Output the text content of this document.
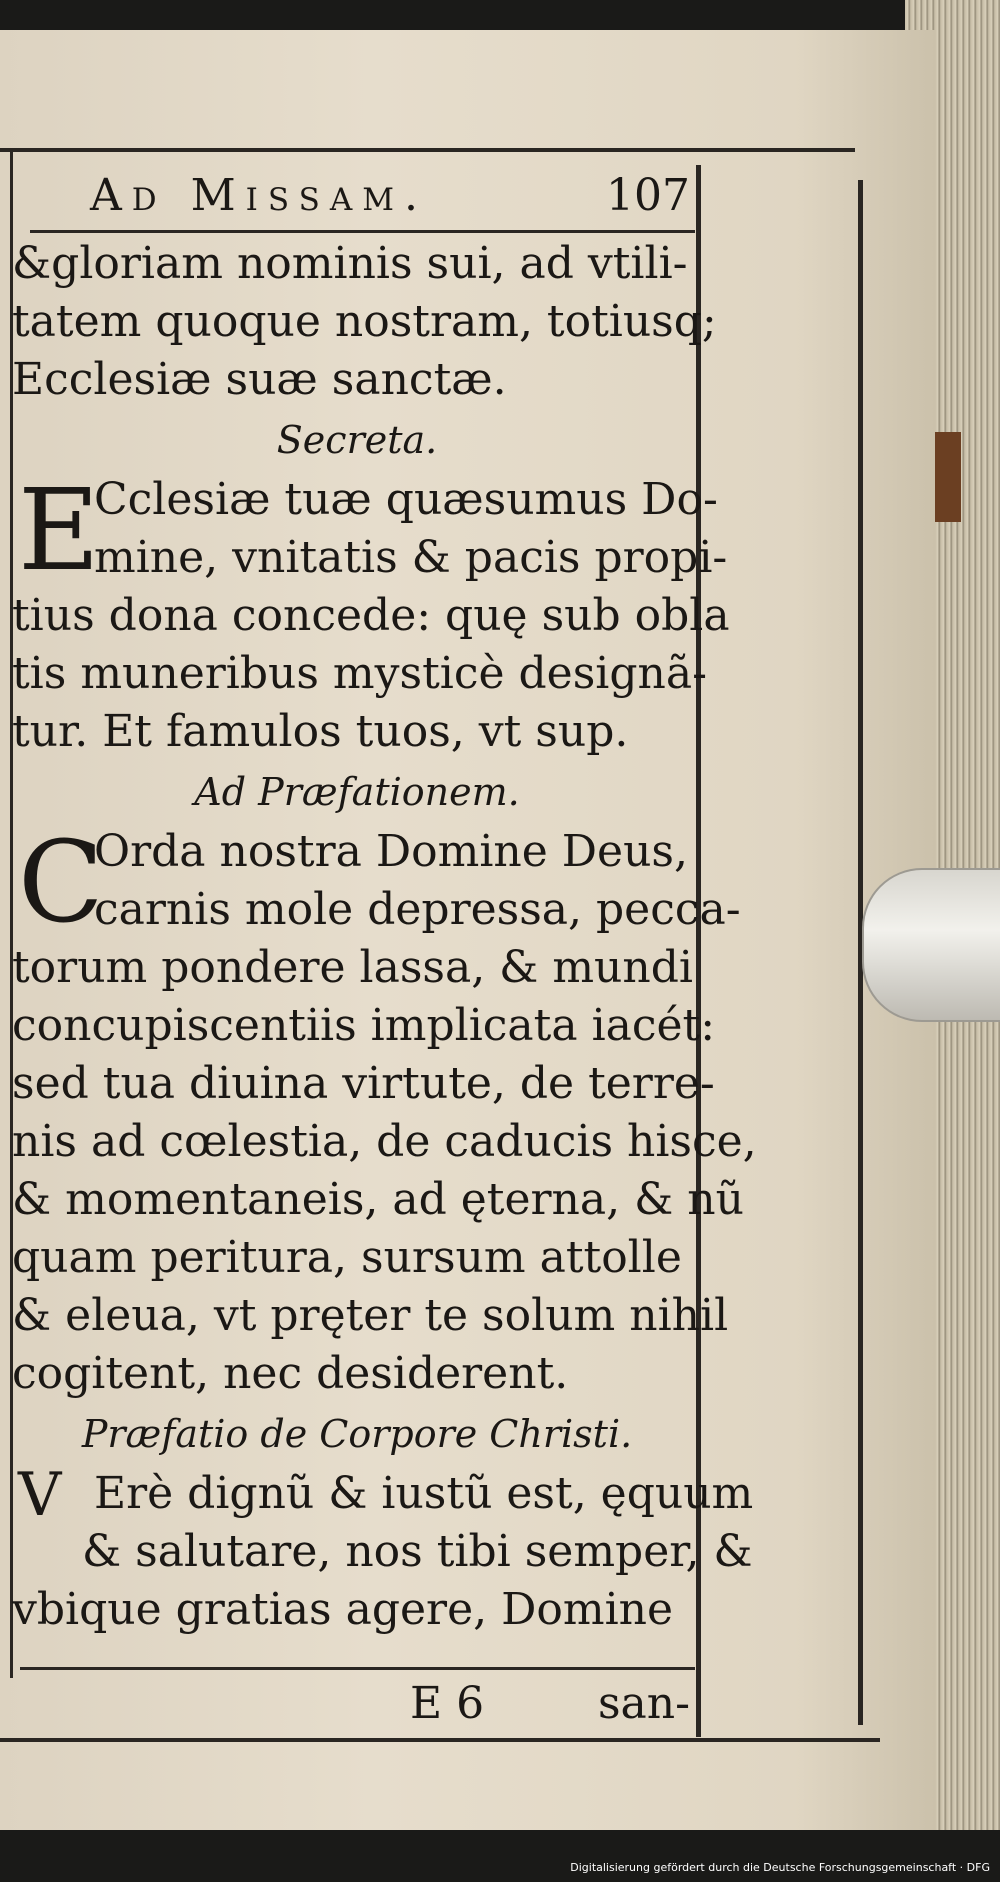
Ad Missam.	107
&gloriam nominis sui, ad vtili-
tatem quoque nostram, totiusq;
Ecclesiæ suæ sanctæ.
Secreta.
E
Cclesiæ tuæ quæsumus Do-
mine, vnitatis & pacis propi-
tius dona concede: quę sub obla
tis muneribus mysticè designã-
tur. Et famulos tuos, vt sup.
Ad Præfationem.
C
Orda nostra Domine Deus,
carnis mole depressa, pecca-
torum pondere lassa, & mundi
concupiscentiis implicata iacét:
sed tua diuina virtute, de terre-
nis ad cœlestia, de caducis hisce,
& momentaneis, ad ęterna, & nũ
quam peritura, sursum attolle
& eleua, vt pręter te solum nihil
cogitent, nec desiderent.
Præfatio de Corpore Christi.
V Erè dignũ & iustũ est, ęquum
& salutare, nos tibi semper, &
vbique gratias agere, Domine
E 6	san-
Digitalisierung gefördert durch die Deutsche Forschungsgemeinschaft · DFG
